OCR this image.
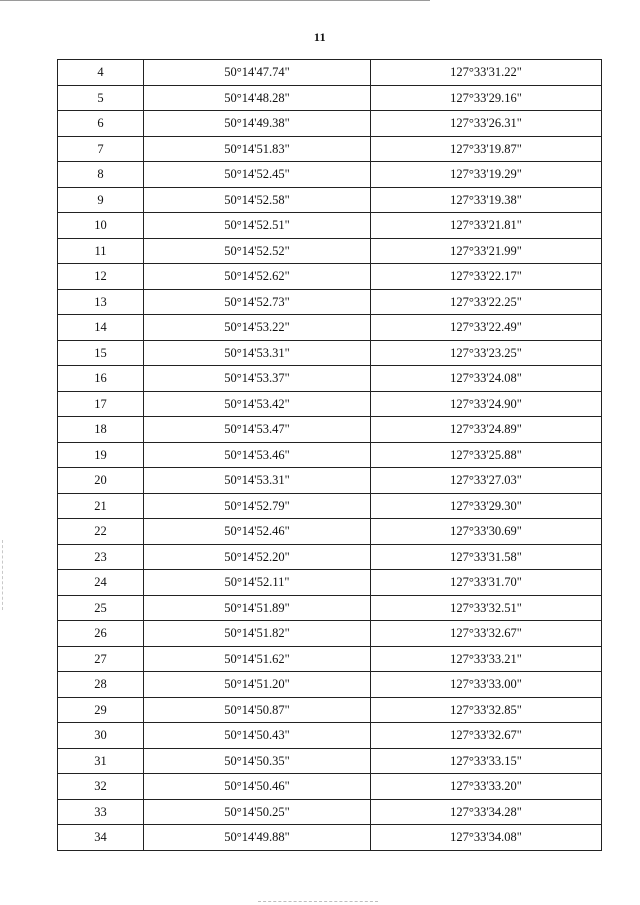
11
4	50°14'47.74"	127°33'31.22"
5	50°14'48.28"	127°33'29.16"
6	50°14'49.38"	127°33'26.31"
7	50°14'51.83"	127°33'19.87"
8	50°14'52.45"	127°33'19.29"
9	50°14'52.58"	127°33'19.38"
10	50°14'52.51"	127°33'21.81"
11	50°14'52.52"	127°33'21.99"
12	50°14'52.62"	127°33'22.17"
13	50°14'52.73"	127°33'22.25"
14	50°14'53.22"	127°33'22.49"
15	50°14'53.31"	127°33'23.25"
16	50°14'53.37"	127°33'24.08"
17	50°14'53.42"	127°33'24.90"
18	50°14'53.47"	127°33'24.89"
19	50°14'53.46"	127°33'25.88"
20	50°14'53.31"	127°33'27.03"
21	50°14'52.79"	127°33'29.30"
22	50°14'52.46"	127°33'30.69"
23	50°14'52.20"	127°33'31.58"
24	50°14'52.11"	127°33'31.70"
25	50°14'51.89"	127°33'32.51"
26	50°14'51.82"	127°33'32.67"
27	50°14'51.62"	127°33'33.21"
28	50°14'51.20"	127°33'33.00"
29	50°14'50.87"	127°33'32.85"
30	50°14'50.43"	127°33'32.67"
31	50°14'50.35"	127°33'33.15"
32	50°14'50.46"	127°33'33.20"
33	50°14'50.25"	127°33'34.28"
34	50°14'49.88"	127°33'34.08"
